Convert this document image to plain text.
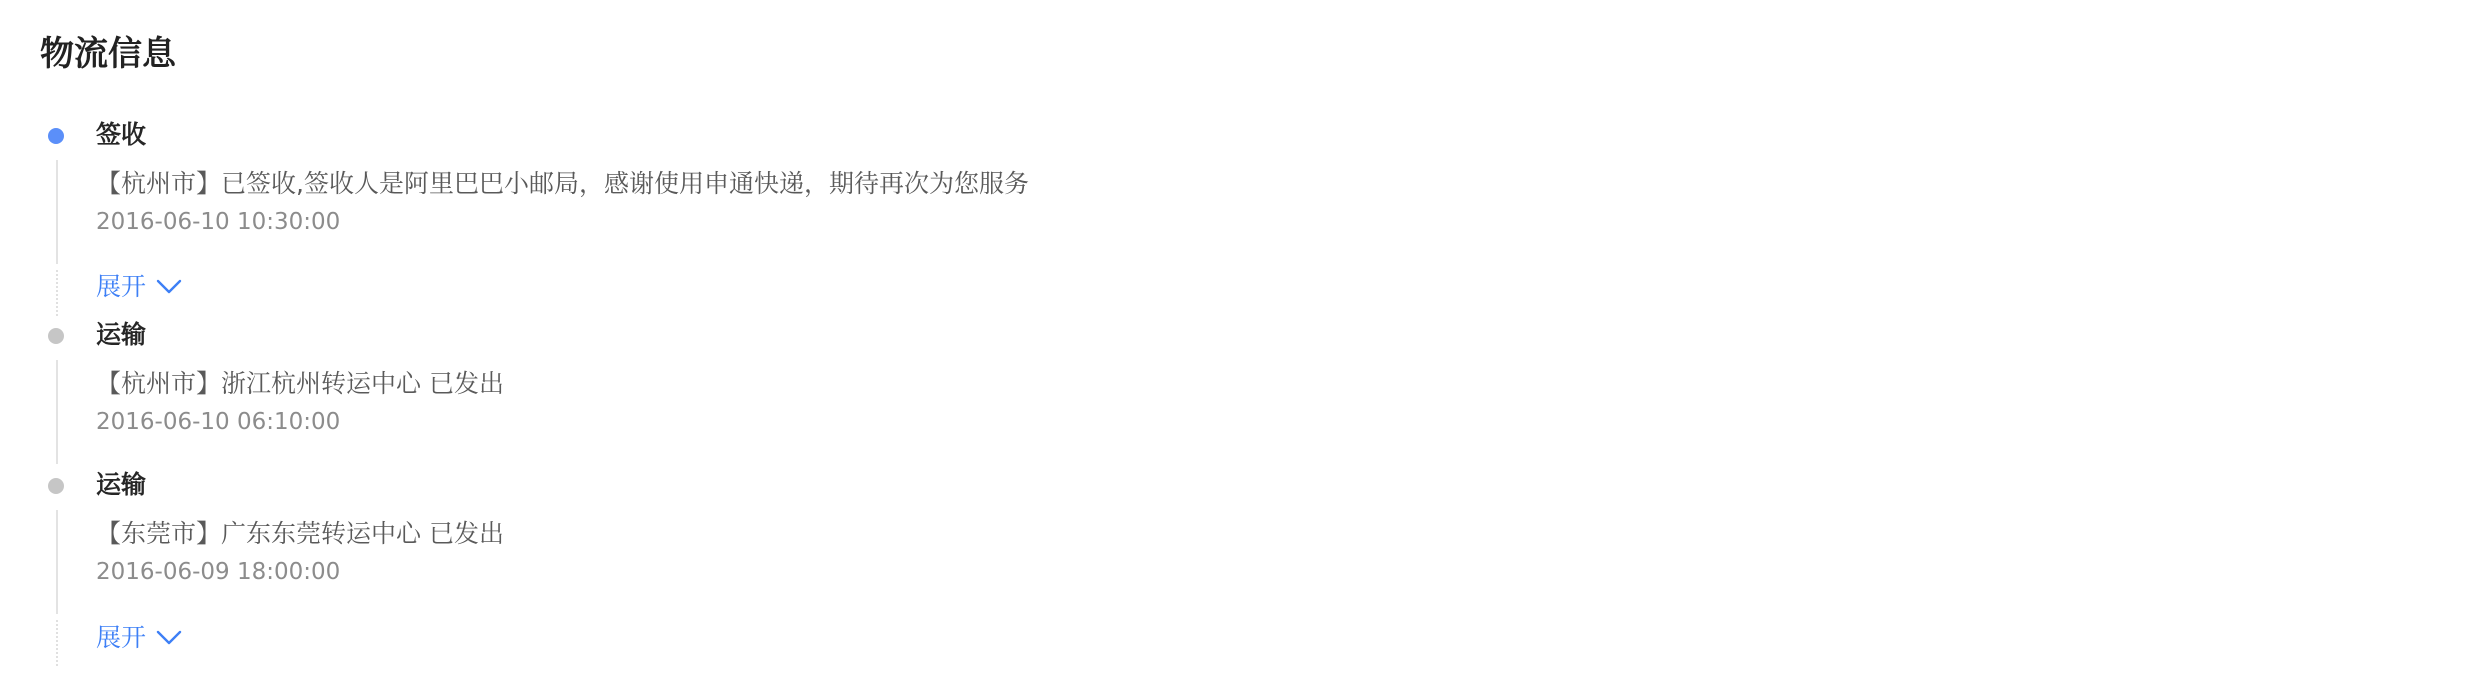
物流信息
签收
【杭州市】已签收,签收人是阿里巴巴小邮局，感谢使用申通快递，期待再次为您服务
2016-06-10 10:30:00
展开
运输
【杭州市】浙江杭州转运中心 已发出
2016-06-10 06:10:00
运输
【东莞市】广东东莞转运中心 已发出
2016-06-09 18:00:00
展开
